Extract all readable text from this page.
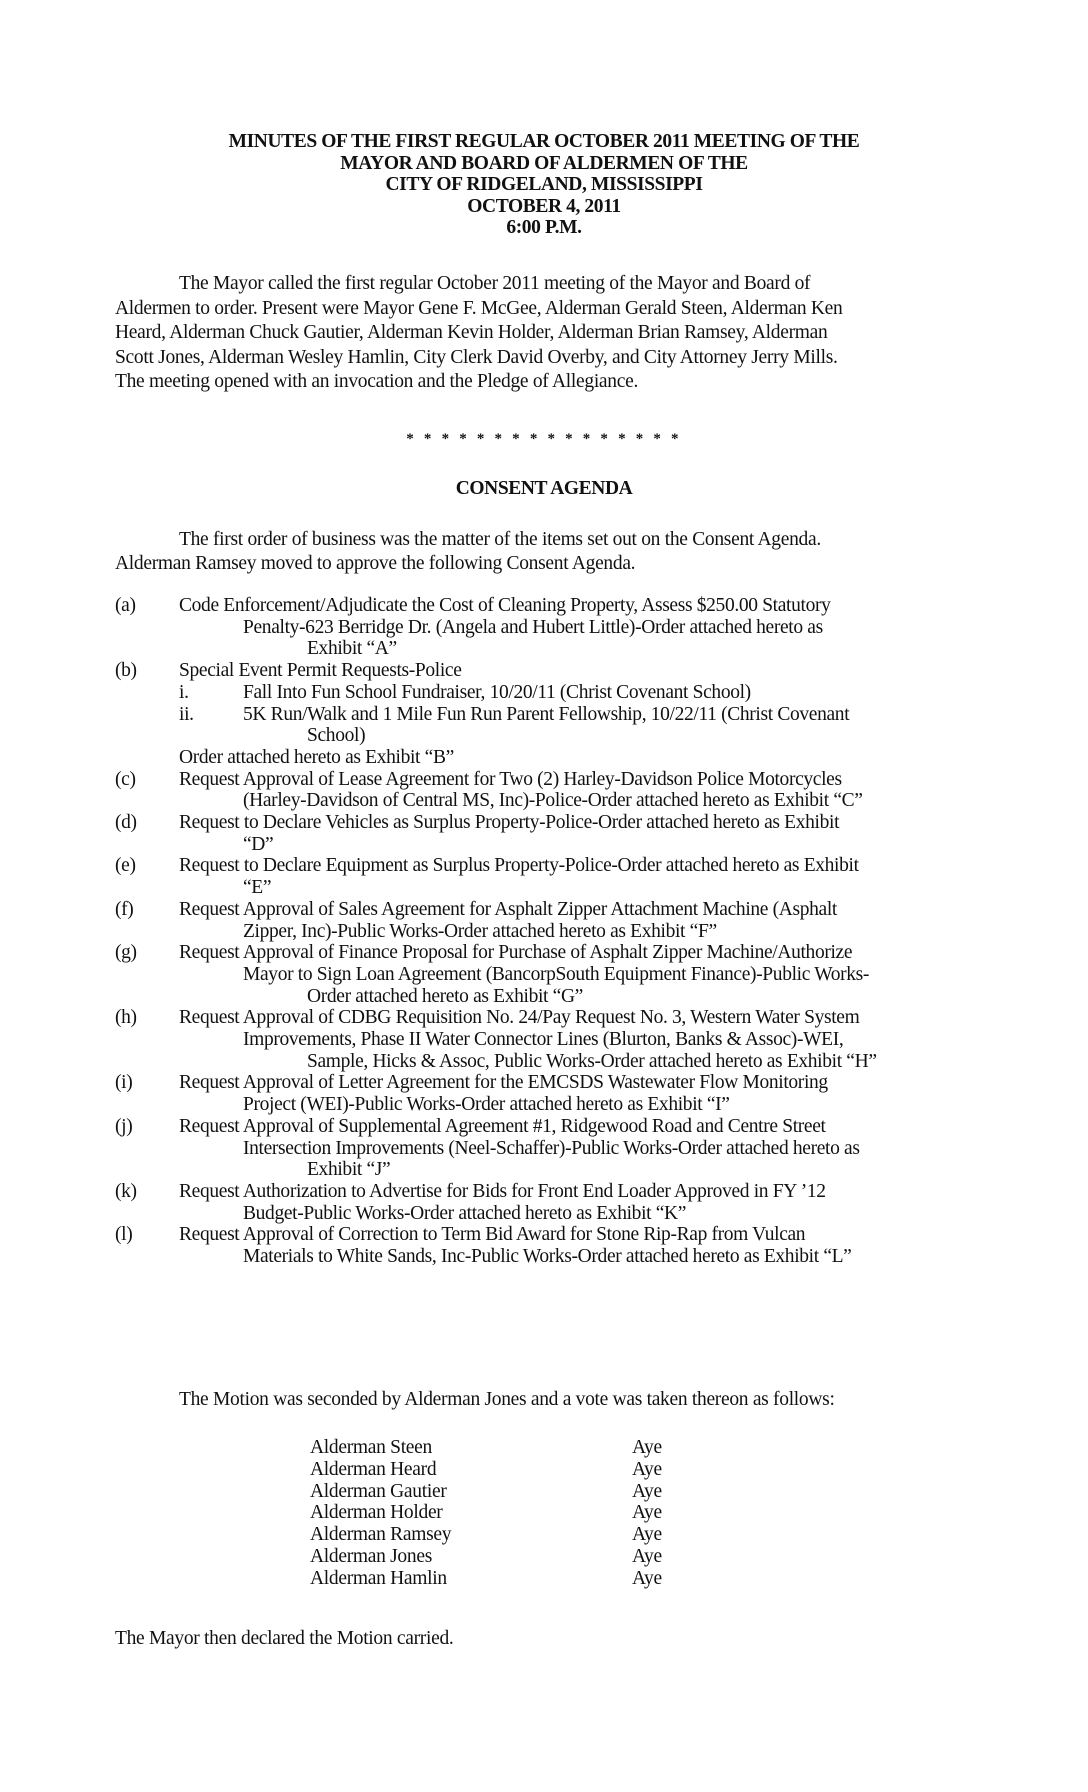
MINUTES OF THE FIRST REGULAR OCTOBER 2011 MEETING OF THE
MAYOR AND BOARD OF ALDERMEN OF THE
CITY OF RIDGELAND, MISSISSIPPI
OCTOBER 4, 2011
6:00 P.M.
The Mayor called the first regular October 2011 meeting of the Mayor and Board of
Aldermen to order. Present were Mayor Gene F. McGee, Alderman Gerald Steen, Alderman Ken
Heard, Alderman Chuck Gautier, Alderman Kevin Holder, Alderman Brian Ramsey, Alderman
Scott Jones, Alderman Wesley Hamlin, City Clerk David Overby, and City Attorney Jerry Mills.
The meeting opened with an invocation and the Pledge of Allegiance.
* * * * * * * * * * * * * * * *
CONSENT AGENDA
The first order of business was the matter of the items set out on the Consent Agenda.
Alderman Ramsey moved to approve the following Consent Agenda.
(a)	Code Enforcement/Adjudicate the Cost of Cleaning Property, Assess $250.00 Statutory
Penalty-623 Berridge Dr. (Angela and Hubert Little)-Order attached hereto as
Exhibit “A”
(b)	Special Event Permit Requests-Police
i.	Fall Into Fun School Fundraiser, 10/20/11 (Christ Covenant School)
ii.	5K Run/Walk and 1 Mile Fun Run Parent Fellowship, 10/22/11 (Christ Covenant
School)
Order attached hereto as Exhibit “B”
(c)	Request Approval of Lease Agreement for Two (2) Harley-Davidson Police Motorcycles
(Harley-Davidson of Central MS, Inc)-Police-Order attached hereto as Exhibit “C”
(d)	Request to Declare Vehicles as Surplus Property-Police-Order attached hereto as Exhibit
“D”
(e)	Request to Declare Equipment as Surplus Property-Police-Order attached hereto as Exhibit
“E”
(f)	Request Approval of Sales Agreement for Asphalt Zipper Attachment Machine (Asphalt
Zipper, Inc)-Public Works-Order attached hereto as Exhibit “F”
(g)	Request Approval of Finance Proposal for Purchase of Asphalt Zipper Machine/Authorize
Mayor to Sign Loan Agreement (BancorpSouth Equipment Finance)-Public Works-
Order attached hereto as Exhibit “G”
(h)	Request Approval of CDBG Requisition No. 24/Pay Request No. 3, Western Water System
Improvements, Phase II Water Connector Lines (Blurton, Banks & Assoc)-WEI,
Sample, Hicks & Assoc, Public Works-Order attached hereto as Exhibit “H”
(i)	Request Approval of Letter Agreement for the EMCSDS Wastewater Flow Monitoring
Project (WEI)-Public Works-Order attached hereto as Exhibit “I”
(j)	Request Approval of Supplemental Agreement #1, Ridgewood Road and Centre Street
Intersection Improvements (Neel-Schaffer)-Public Works-Order attached hereto as
Exhibit “J”
(k)	Request Authorization to Advertise for Bids for Front End Loader Approved in FY ’12
Budget-Public Works-Order attached hereto as Exhibit “K”
(l)	Request Approval of Correction to Term Bid Award for Stone Rip-Rap from Vulcan
Materials to White Sands, Inc-Public Works-Order attached hereto as Exhibit “L”
The Motion was seconded by Alderman Jones and a vote was taken thereon as follows:
Alderman Steen	Aye
Alderman Heard	Aye
Alderman Gautier	Aye
Alderman Holder	Aye
Alderman Ramsey	Aye
Alderman Jones	Aye
Alderman Hamlin	Aye
The Mayor then declared the Motion carried.
